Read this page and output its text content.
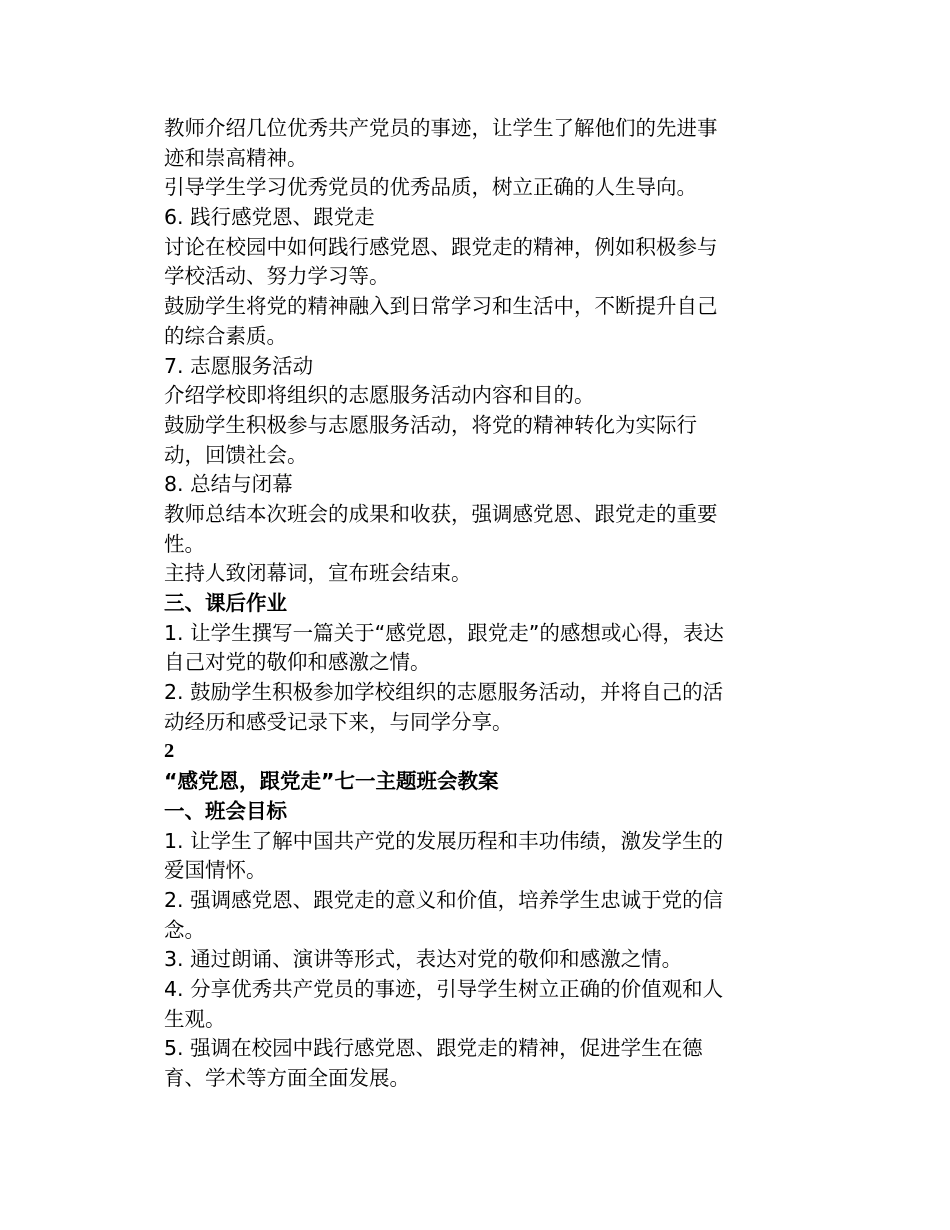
教师介绍几位优秀共产党员的事迹，让学生了解他们的先进事
迹和崇高精神。
引导学生学习优秀党员的优秀品质，树立正确的人生导向。
6. 践行感党恩、跟党走
讨论在校园中如何践行感党恩、跟党走的精神，例如积极参与
学校活动、努力学习等。
鼓励学生将党的精神融入到日常学习和生活中，不断提升自己
的综合素质。
7. 志愿服务活动
介绍学校即将组织的志愿服务活动内容和目的。
鼓励学生积极参与志愿服务活动，将党的精神转化为实际行
动，回馈社会。
8. 总结与闭幕
教师总结本次班会的成果和收获，强调感党恩、跟党走的重要
性。
主持人致闭幕词，宣布班会结束。
三、课后作业
1. 让学生撰写一篇关于“感党恩，跟党走”的感想或心得，表达
自己对党的敬仰和感激之情。
2. 鼓励学生积极参加学校组织的志愿服务活动，并将自己的活
动经历和感受记录下来，与同学分享。
2
“感党恩，跟党走”七一主题班会教案
一、班会目标
1. 让学生了解中国共产党的发展历程和丰功伟绩，激发学生的
爱国情怀。
2. 强调感党恩、跟党走的意义和价值，培养学生忠诚于党的信
念。
3. 通过朗诵、演讲等形式，表达对党的敬仰和感激之情。
4. 分享优秀共产党员的事迹，引导学生树立正确的价值观和人
生观。
5. 强调在校园中践行感党恩、跟党走的精神，促进学生在德
育、学术等方面全面发展。
